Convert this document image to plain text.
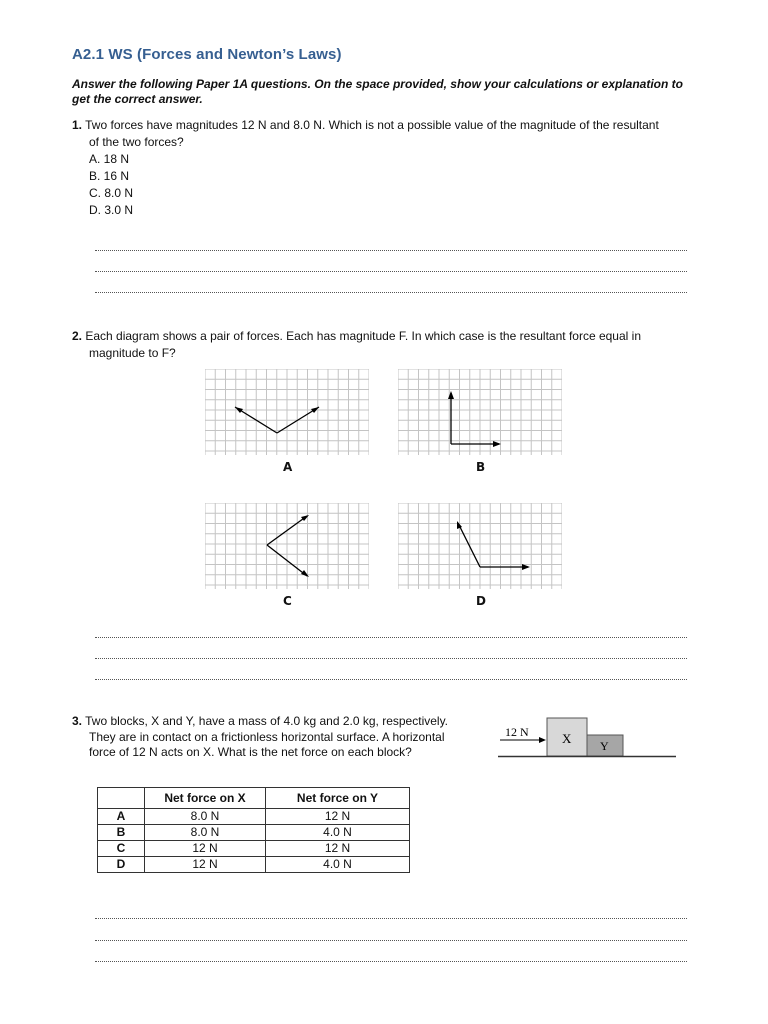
A2.1 WS (Forces and Newton’s Laws)
Answer the following Paper 1A questions. On the space provided, show your calculations or explanation to get the correct answer.
1. Two forces have magnitudes 12 N and 8.0 N. Which is not a possible value of the magnitude of the resultant
of the two forces?
A. 18 N
B. 16 N
C. 8.0 N
D. 3.0 N
2. Each diagram shows a pair of forces. Each has magnitude F. In which case is the resultant force equal in
magnitude to F?
A	B
C	D
3. Two blocks, X and Y, have a mass of 4.0 kg and 2.0 kg, respectively.
They are in contact on a frictionless horizontal surface. A horizontal
force of 12 N acts on X. What is the net force on each block?
12 N	X Y
	Net force on X	Net force on Y
A	8.0 N	12 N
B	8.0 N	4.0 N
C	12 N	12 N
D	12 N	4.0 N
